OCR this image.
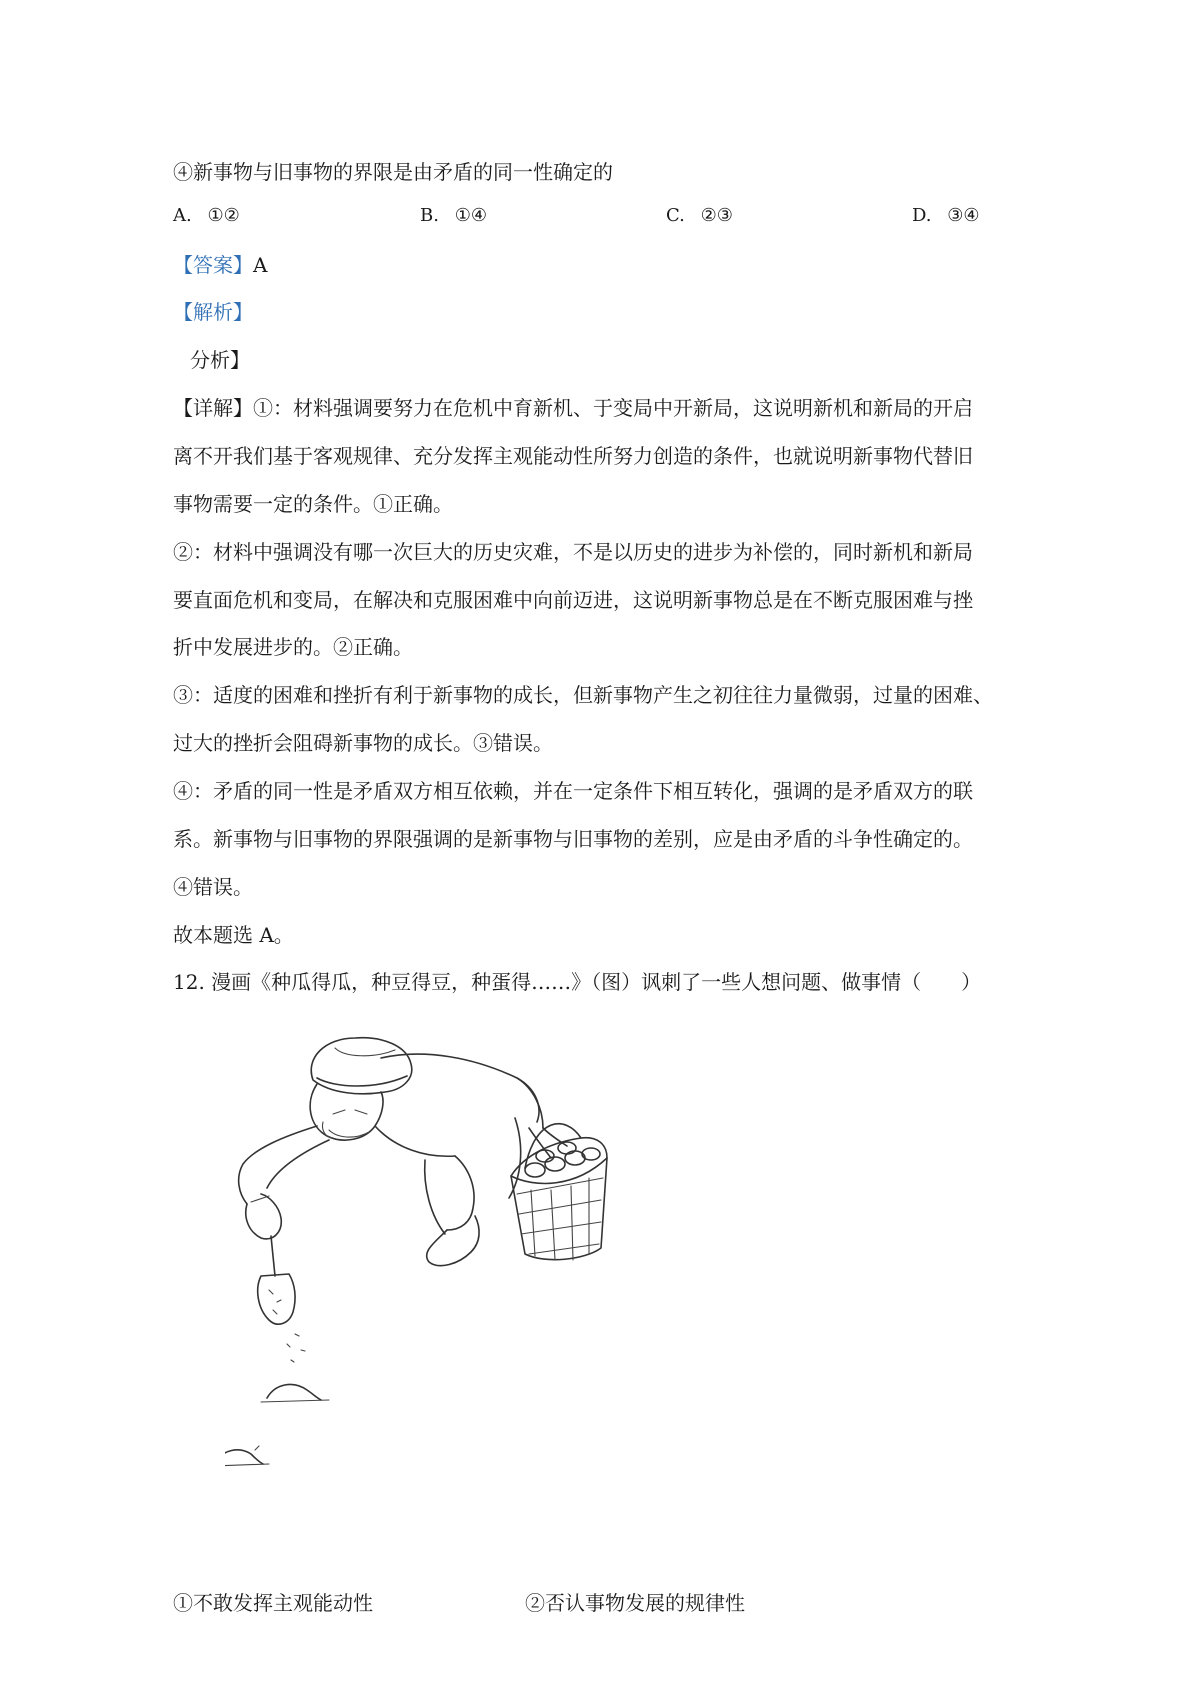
④新事物与旧事物的界限是由矛盾的同一性确定的
A. ①②	B. ①④	C. ②③	D. ③④
【答案】A
【解析】
分析】
【详解】①：材料强调要努力在危机中育新机、于变局中开新局，这说明新机和新局的开启
离不开我们基于客观规律、充分发挥主观能动性所努力创造的条件，也就说明新事物代替旧
事物需要一定的条件。①正确。
②：材料中强调没有哪一次巨大的历史灾难，不是以历史的进步为补偿的，同时新机和新局
要直面危机和变局，在解决和克服困难中向前迈进，这说明新事物总是在不断克服困难与挫
折中发展进步的。②正确。
③：适度的困难和挫折有利于新事物的成长，但新事物产生之初往往力量微弱，过量的困难、
过大的挫折会阻碍新事物的成长。③错误。
④：矛盾的同一性是矛盾双方相互依赖，并在一定条件下相互转化，强调的是矛盾双方的联
系。新事物与旧事物的界限强调的是新事物与旧事物的差别，应是由矛盾的斗争性确定的。
④错误。
故本题选 A。
12. 漫画《种瓜得瓜，种豆得豆，种蛋得……》（图）讽刺了一些人想问题、做事情（　　）
①不敢发挥主观能动性	②否认事物发展的规律性
